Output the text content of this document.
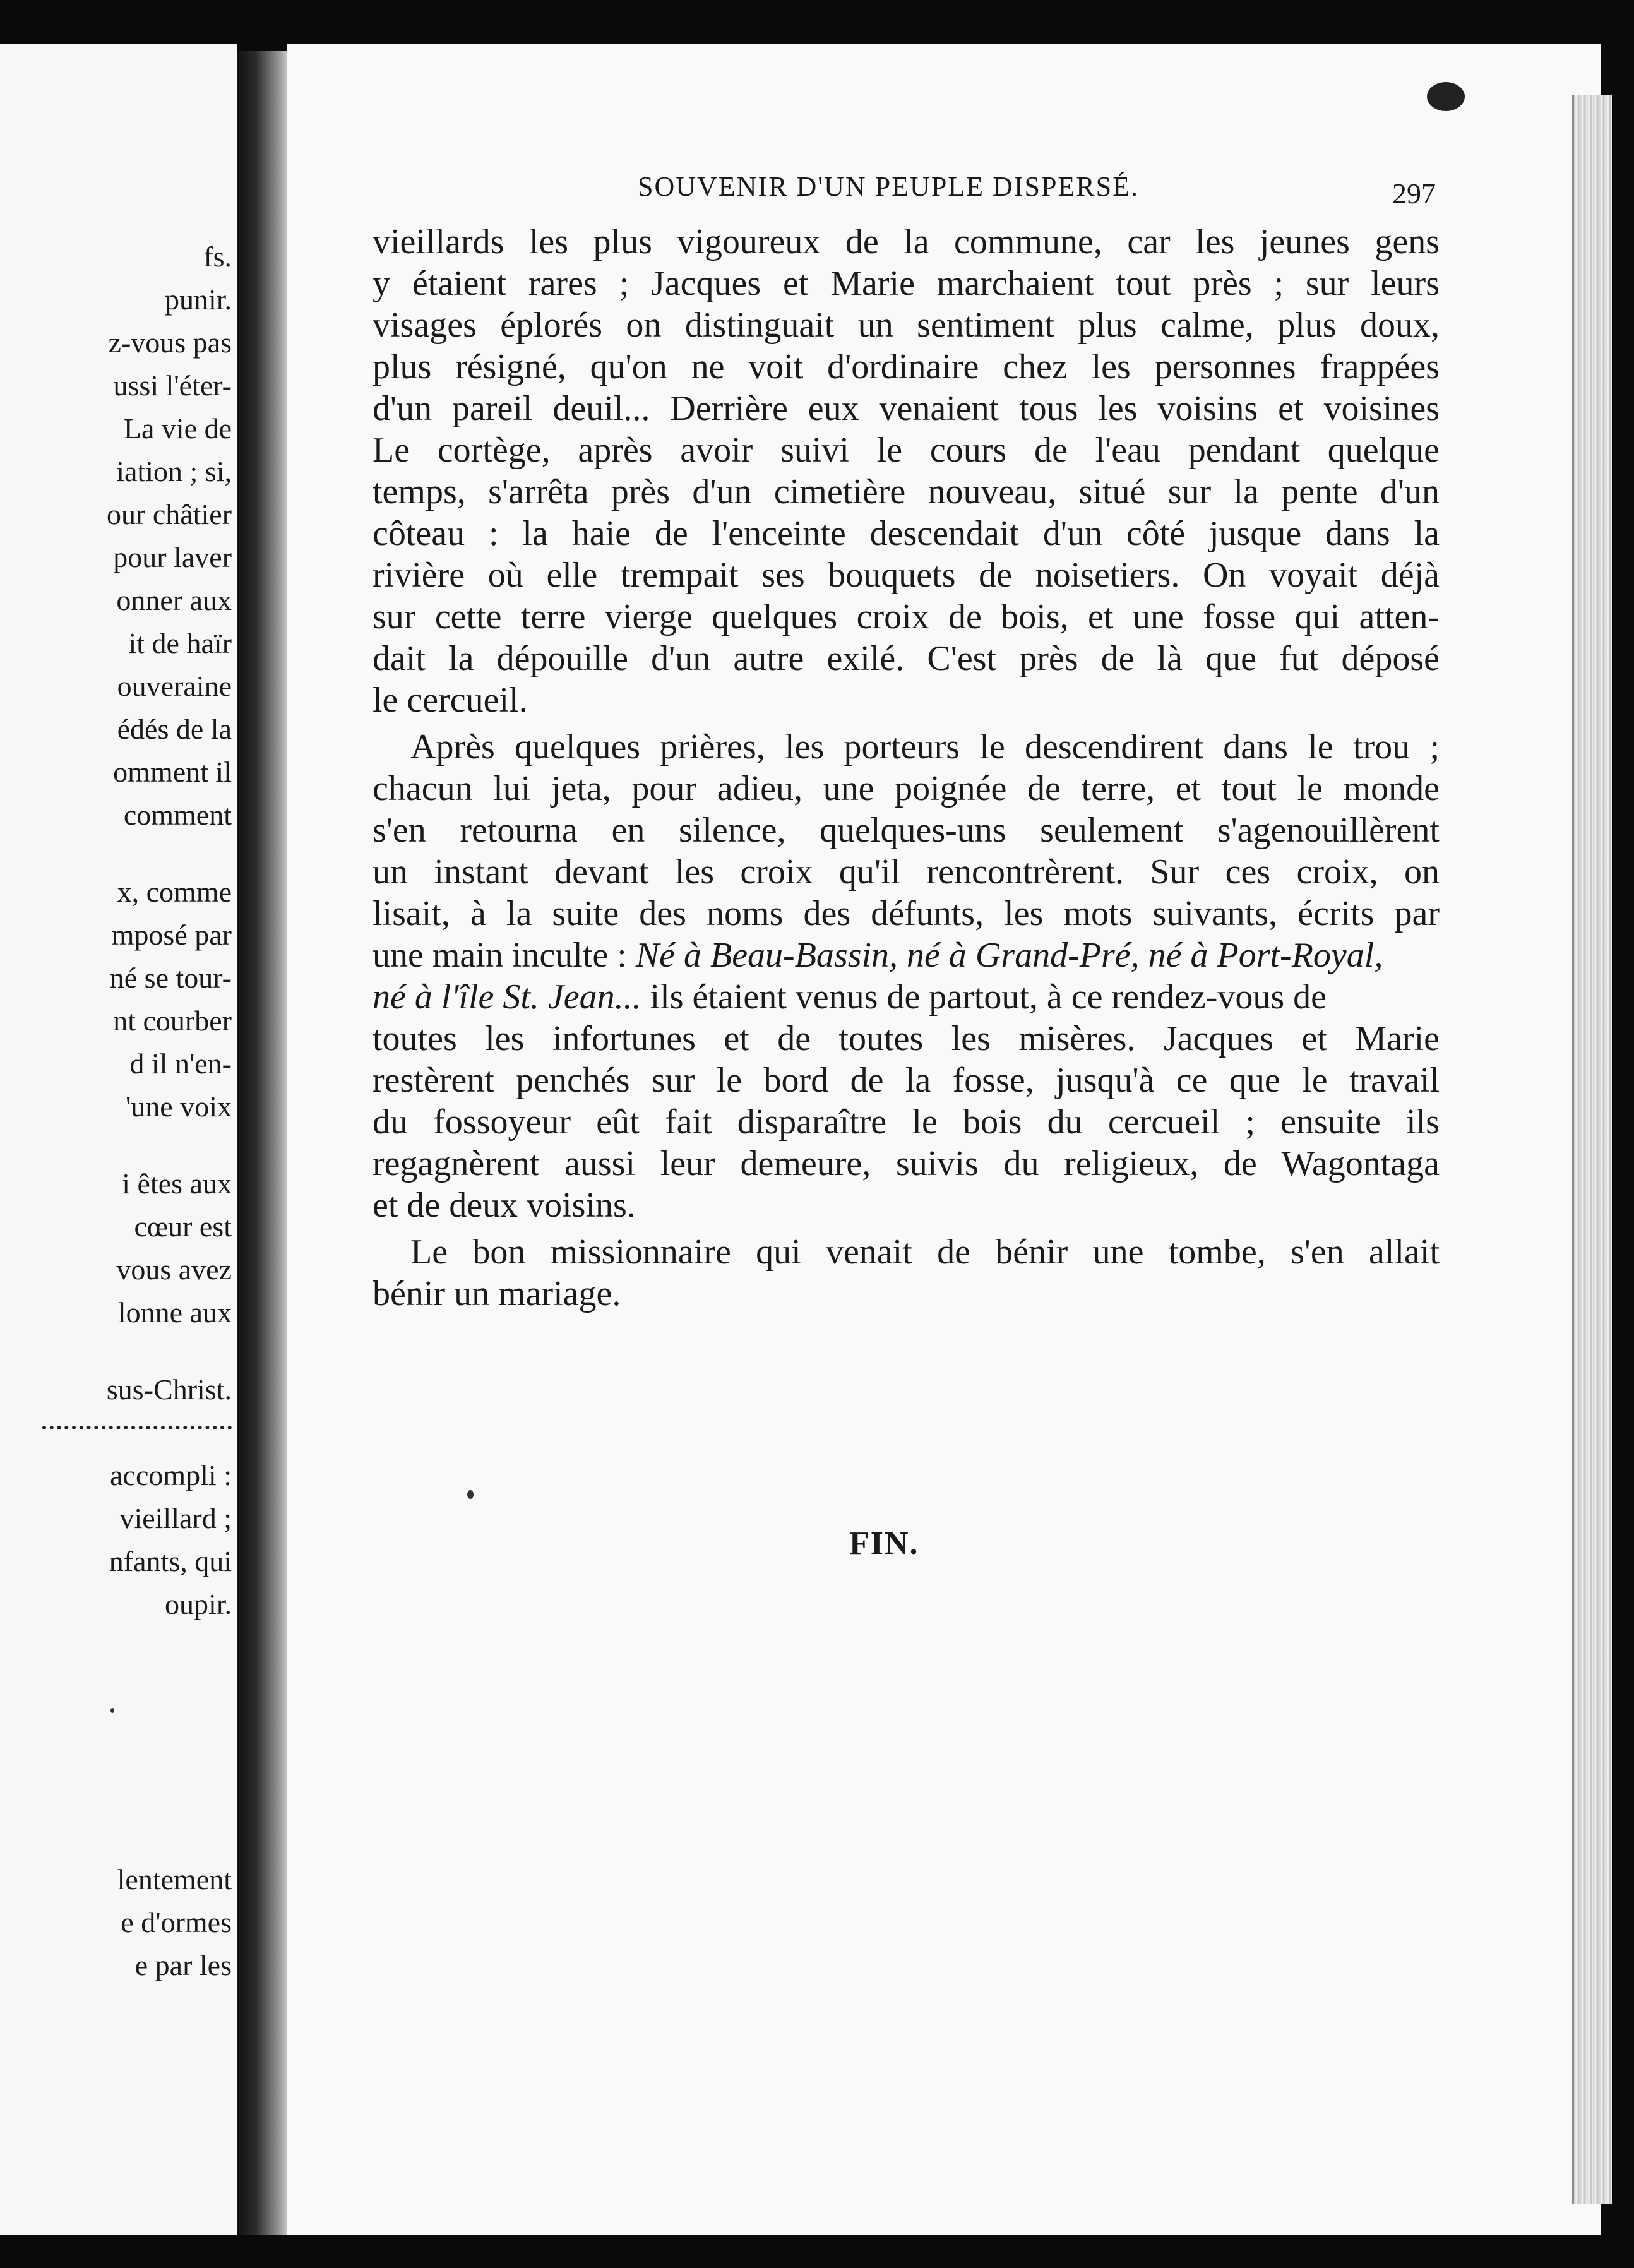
fs.
punir.
z-vous pas
ussi l'éter-
La vie de
iation ; si,
our châtier
pour laver
onner aux
it de haïr
ouveraine
édés de la
omment il
comment
x, comme
mposé par
né se tour-
nt courber
d il n'en-
'une voix
i êtes aux
cœur est
vous avez
lonne aux
sus-Christ.
accompli :
vieillard ;
nfants, qui
oupir.
lentement
e d'ormes
e par les
SOUVENIR D'UN PEUPLE DISPERSÉ.	297
vieillards les plus vigoureux de la commune, car les jeunes gens
y étaient rares ; Jacques et Marie marchaient tout près ; sur leurs
visages éplorés on distinguait un sentiment plus calme, plus doux,
plus résigné, qu'on ne voit d'ordinaire chez les personnes frappées
d'un pareil deuil... Derrière eux venaient tous les voisins et voisines
Le cortège, après avoir suivi le cours de l'eau pendant quelque
temps, s'arrêta près d'un cimetière nouveau, situé sur la pente d'un
côteau : la haie de l'enceinte descendait d'un côté jusque dans la
rivière où elle trempait ses bouquets de noisetiers. On voyait déjà
sur cette terre vierge quelques croix de bois, et une fosse qui atten-
dait la dépouille d'un autre exilé. C'est près de là que fut déposé
le cercueil.
Après quelques prières, les porteurs le descendirent dans le trou ;
chacun lui jeta, pour adieu, une poignée de terre, et tout le monde
s'en retourna en silence, quelques-uns seulement s'agenouillèrent
un instant devant les croix qu'il rencontrèrent. Sur ces croix, on
lisait, à la suite des noms des défunts, les mots suivants, écrits par
une main inculte : Né à Beau-Bassin, né à Grand-Pré, né à Port-Royal,
né à l'île St. Jean... ils étaient venus de partout, à ce rendez-vous de
toutes les infortunes et de toutes les misères. Jacques et Marie
restèrent penchés sur le bord de la fosse, jusqu'à ce que le travail
du fossoyeur eût fait disparaître le bois du cercueil ; ensuite ils
regagnèrent aussi leur demeure, suivis du religieux, de Wagontaga
et de deux voisins.
Le bon missionnaire qui venait de bénir une tombe, s'en allait
bénir un mariage.
FIN.
